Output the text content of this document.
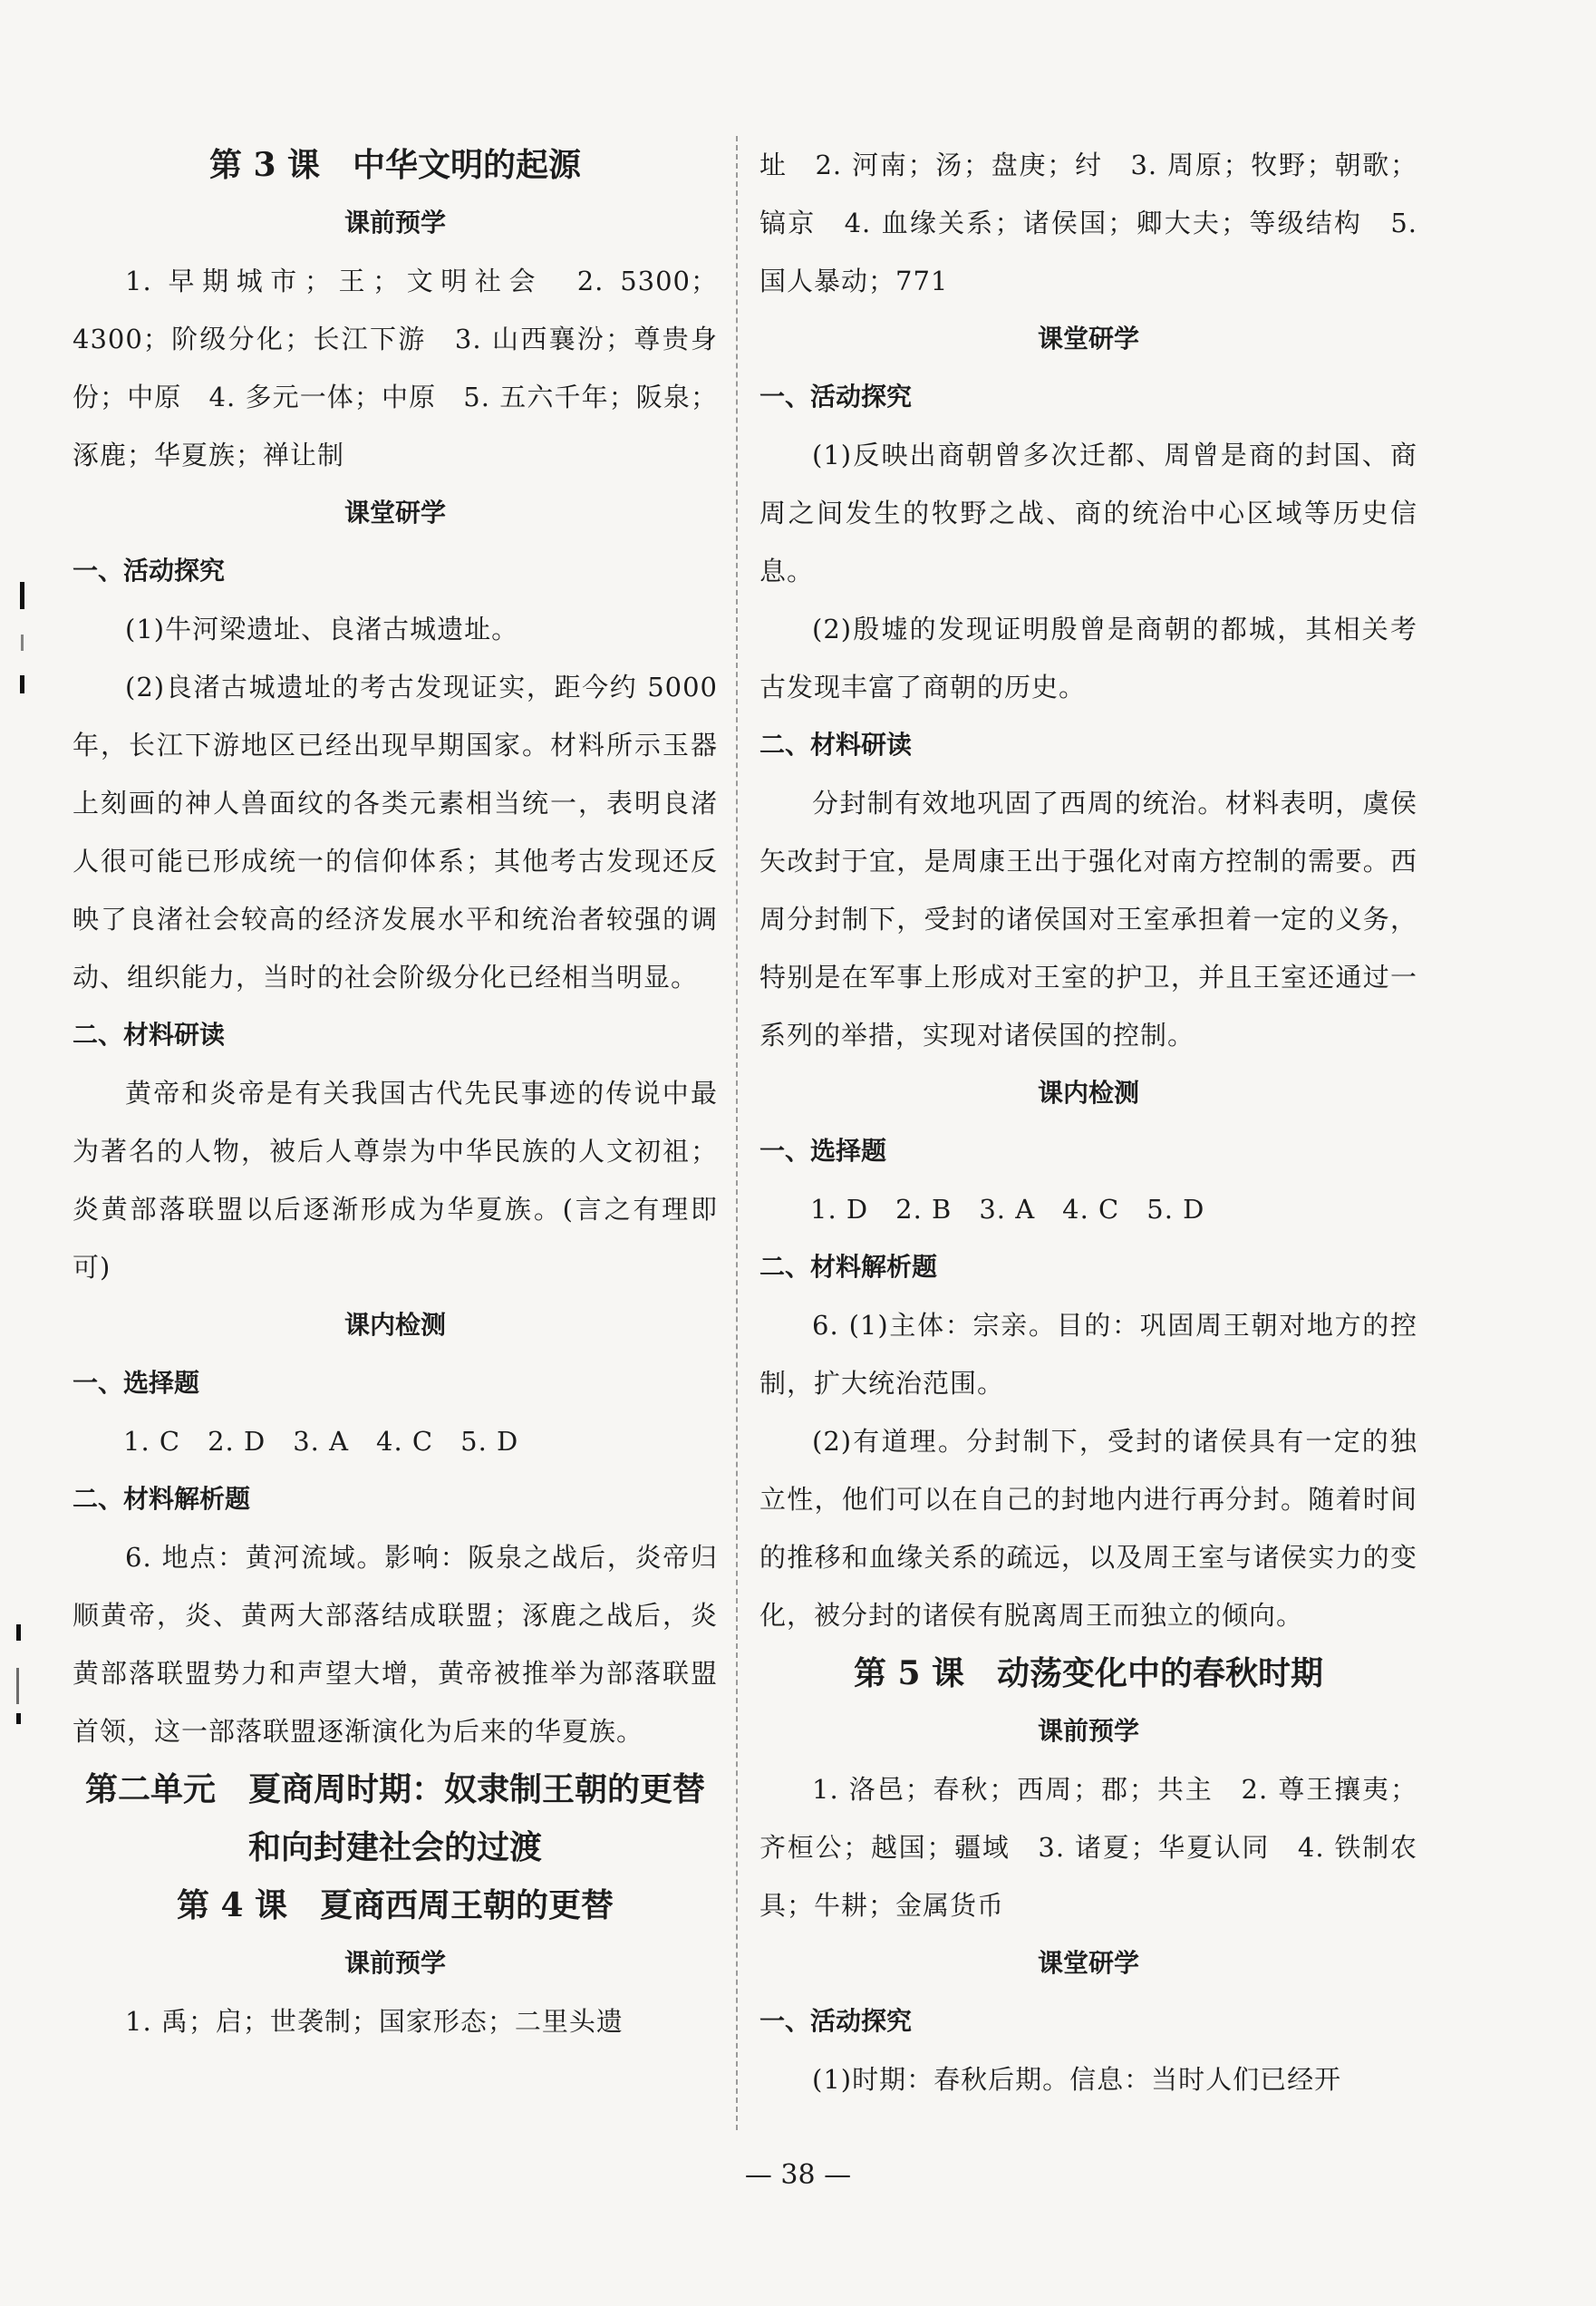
第 3 课　中华文明的起源
课前预学
1. 早期城市；王；文明社会　2. 5300；4300；阶级分化；长江下游　3. 山西襄汾；尊贵身份；中原　4. 多元一体；中原　5. 五六千年；阪泉；涿鹿；华夏族；禅让制
课堂研学
一、活动探究
(1)牛河梁遗址、良渚古城遗址。
(2)良渚古城遗址的考古发现证实，距今约 5000 年，长江下游地区已经出现早期国家。材料所示玉器上刻画的神人兽面纹的各类元素相当统一，表明良渚人很可能已形成统一的信仰体系；其他考古发现还反映了良渚社会较高的经济发展水平和统治者较强的调动、组织能力，当时的社会阶级分化已经相当明显。
二、材料研读
黄帝和炎帝是有关我国古代先民事迹的传说中最为著名的人物，被后人尊崇为中华民族的人文初祖；炎黄部落联盟以后逐渐形成为华夏族。(言之有理即可)
课内检测
一、选择题
1. C　2. D　3. A　4. C　5. D
二、材料解析题
6. 地点：黄河流域。影响：阪泉之战后，炎帝归顺黄帝，炎、黄两大部落结成联盟；涿鹿之战后，炎黄部落联盟势力和声望大增，黄帝被推举为部落联盟首领，这一部落联盟逐渐演化为后来的华夏族。
第二单元　夏商周时期：奴隶制王朝的更替和向封建社会的过渡
第 4 课　夏商西周王朝的更替
课前预学
1. 禹；启；世袭制；国家形态；二里头遗
址　2. 河南；汤；盘庚；纣　3. 周原；牧野；朝歌；镐京　4. 血缘关系；诸侯国；卿大夫；等级结构　5. 国人暴动；771
课堂研学
一、活动探究
(1)反映出商朝曾多次迁都、周曾是商的封国、商周之间发生的牧野之战、商的统治中心区域等历史信息。
(2)殷墟的发现证明殷曾是商朝的都城，其相关考古发现丰富了商朝的历史。
二、材料研读
分封制有效地巩固了西周的统治。材料表明，虞侯矢改封于宜，是周康王出于强化对南方控制的需要。西周分封制下，受封的诸侯国对王室承担着一定的义务，特别是在军事上形成对王室的护卫，并且王室还通过一系列的举措，实现对诸侯国的控制。
课内检测
一、选择题
1. D　2. B　3. A　4. C　5. D
二、材料解析题
6. (1)主体：宗亲。目的：巩固周王朝对地方的控制，扩大统治范围。
(2)有道理。分封制下，受封的诸侯具有一定的独立性，他们可以在自己的封地内进行再分封。随着时间的推移和血缘关系的疏远，以及周王室与诸侯实力的变化，被分封的诸侯有脱离周王而独立的倾向。
第 5 课　动荡变化中的春秋时期
课前预学
1. 洛邑；春秋；西周；郡；共主　2. 尊王攘夷；齐桓公；越国；疆域　3. 诸夏；华夏认同　4. 铁制农具；牛耕；金属货币
课堂研学
一、活动探究
(1)时期：春秋后期。信息：当时人们已经开
— 38 —
